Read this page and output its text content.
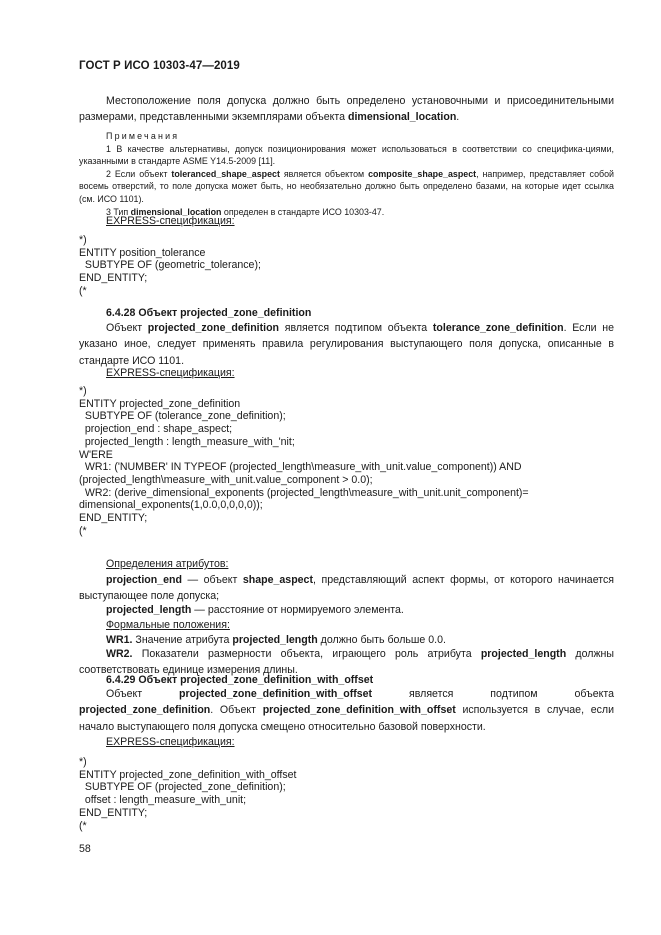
ГОСТ Р ИСО 10303-47—2019
Местоположение поля допуска должно быть определено установочными и присоединительными размерами, представленными экземплярами объекта dimensional_location.
Примечания
1 В качестве альтернативы, допуск позиционирования может использоваться в соответствии со специфика-циями, указанными в стандарте ASME Y14.5-2009 [11].
2 Если объект toleranced_shape_aspect является объектом composite_shape_aspect, например, представляет собой восемь отверстий, то поле допуска может быть, но необязательно должно быть определено базами, на которые идет ссылка (см. ИСО 1101).
3 Тип dimensional_location определен в стандарте ИСО 10303-47.
EXPRESS-спецификация:
*)
ENTITY position_tolerance
SUBTYPE OF (geometric_tolerance);
END_ENTITY;
(*
6.4.28 Объект projected_zone_definition
Объект projected_zone_definition является подтипом объекта tolerance_zone_definition. Если не указано иное, следует применять правила регулирования выступающего поля допуска, описанные в стандарте ИСО 1101.
EXPRESS-спецификация:
*)
ENTITY projected_zone_definition
SUBTYPE OF (tolerance_zone_definition);
projection_end : shape_aspect;
projected_length : length_measure_with_'nit;
W'ERE
WR1: ('NUMBER' IN TYPEOF (projected_length\measure_with_unit.value_component)) AND
(projected_length\measure_with_unit.value_component > 0.0);
WR2: (derive_dimensional_exponents (projected_length\measure_with_unit.unit_component)=
dimensional_exponents(1,0.0,0,0,0,0));
END_ENTITY;
(*
Определения атрибутов:
projection_end — объект shape_aspect, представляющий аспект формы, от которого начинается выступающее поле допуска;
projected_length — расстояние от нормируемого элемента.
Формальные положения:
WR1. Значение атрибута projected_length должно быть больше 0.0.
WR2. Показатели размерности объекта, играющего роль атрибута projected_length должны соответствовать единице измерения длины.
6.4.29 Объект projected_zone_definition_with_offset
Объект projected_zone_definition_with_offset является подтипом объекта projected_zone_definition. Объект projected_zone_definition_with_offset используется в случае, если начало выступающего поля допуска смещено относительно базовой поверхности.
EXPRESS-спецификация:
*)
ENTITY projected_zone_definition_with_offset
SUBTYPE OF (projected_zone_definition);
offset : length_measure_with_unit;
END_ENTITY;
(*
58
